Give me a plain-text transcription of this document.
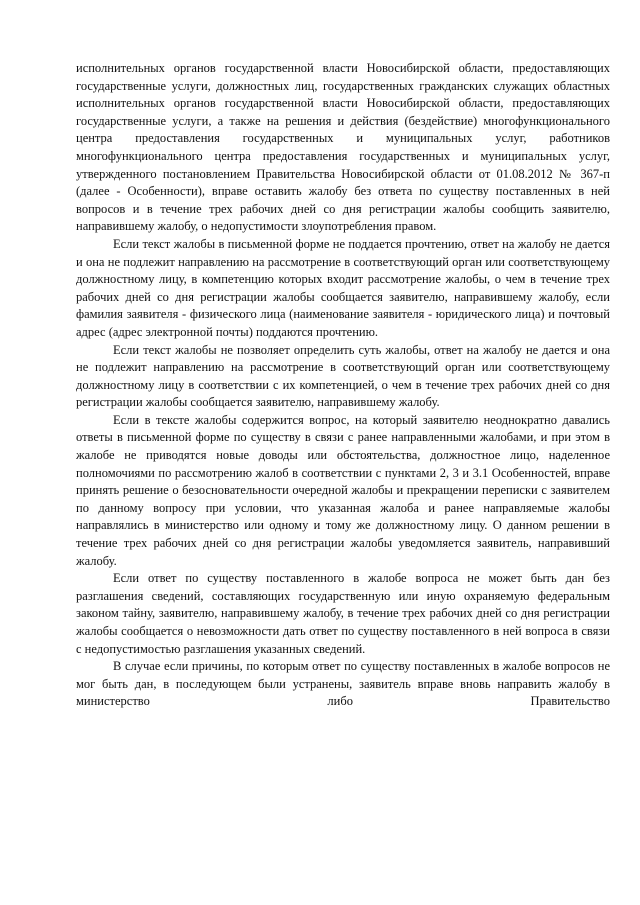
исполнительных органов государственной власти Новосибирской области, предоставляющих государственные услуги, должностных лиц, государственных гражданских служащих областных исполнительных органов государственной власти Новосибирской области, предоставляющих государственные услуги, а также на решения и действия (бездействие) многофункционального центра предоставления государственных и муниципальных услуг, работников многофункционального центра предоставления государственных и муниципальных услуг, утвержденного постановлением Правительства Новосибирской области от 01.08.2012 № 367-п (далее - Особенности), вправе оставить жалобу без ответа по существу поставленных в ней вопросов и в течение трех рабочих дней со дня регистрации жалобы сообщить заявителю, направившему жалобу, о недопустимости злоупотребления правом.

Если текст жалобы в письменной форме не поддается прочтению, ответ на жалобу не дается и она не подлежит направлению на рассмотрение в соответствующий орган или соответствующему должностному лицу, в компетенцию которых входит рассмотрение жалобы, о чем в течение трех рабочих дней со дня регистрации жалобы сообщается заявителю, направившему жалобу, если фамилия заявителя - физического лица (наименование заявителя - юридического лица) и почтовый адрес (адрес электронной почты) поддаются прочтению.

Если текст жалобы не позволяет определить суть жалобы, ответ на жалобу не дается и она не подлежит направлению на рассмотрение в соответствующий орган или соответствующему должностному лицу в соответствии с их компетенцией, о чем в течение трех рабочих дней со дня регистрации жалобы сообщается заявителю, направившему жалобу.

Если в тексте жалобы содержится вопрос, на который заявителю неоднократно давались ответы в письменной форме по существу в связи с ранее направленными жалобами, и при этом в жалобе не приводятся новые доводы или обстоятельства, должностное лицо, наделенное полномочиями по рассмотрению жалоб в соответствии с пунктами 2, 3 и 3.1 Особенностей, вправе принять решение о безосновательности очередной жалобы и прекращении переписки с заявителем по данному вопросу при условии, что указанная жалоба и ранее направляемые жалобы направлялись в министерство или одному и тому же должностному лицу. О данном решении в течение трех рабочих дней со дня регистрации жалобы уведомляется заявитель, направивший жалобу.

Если ответ по существу поставленного в жалобе вопроса не может быть дан без разглашения сведений, составляющих государственную или иную охраняемую федеральным законом тайну, заявителю, направившему жалобу, в течение трех рабочих дней со дня регистрации жалобы сообщается о невозможности дать ответ по существу поставленного в ней вопроса в связи с недопустимостью разглашения указанных сведений.

В случае если причины, по которым ответ по существу поставленных в жалобе вопросов не мог быть дан, в последующем были устранены, заявитель вправе вновь направить жалобу в министерство либо Правительство
